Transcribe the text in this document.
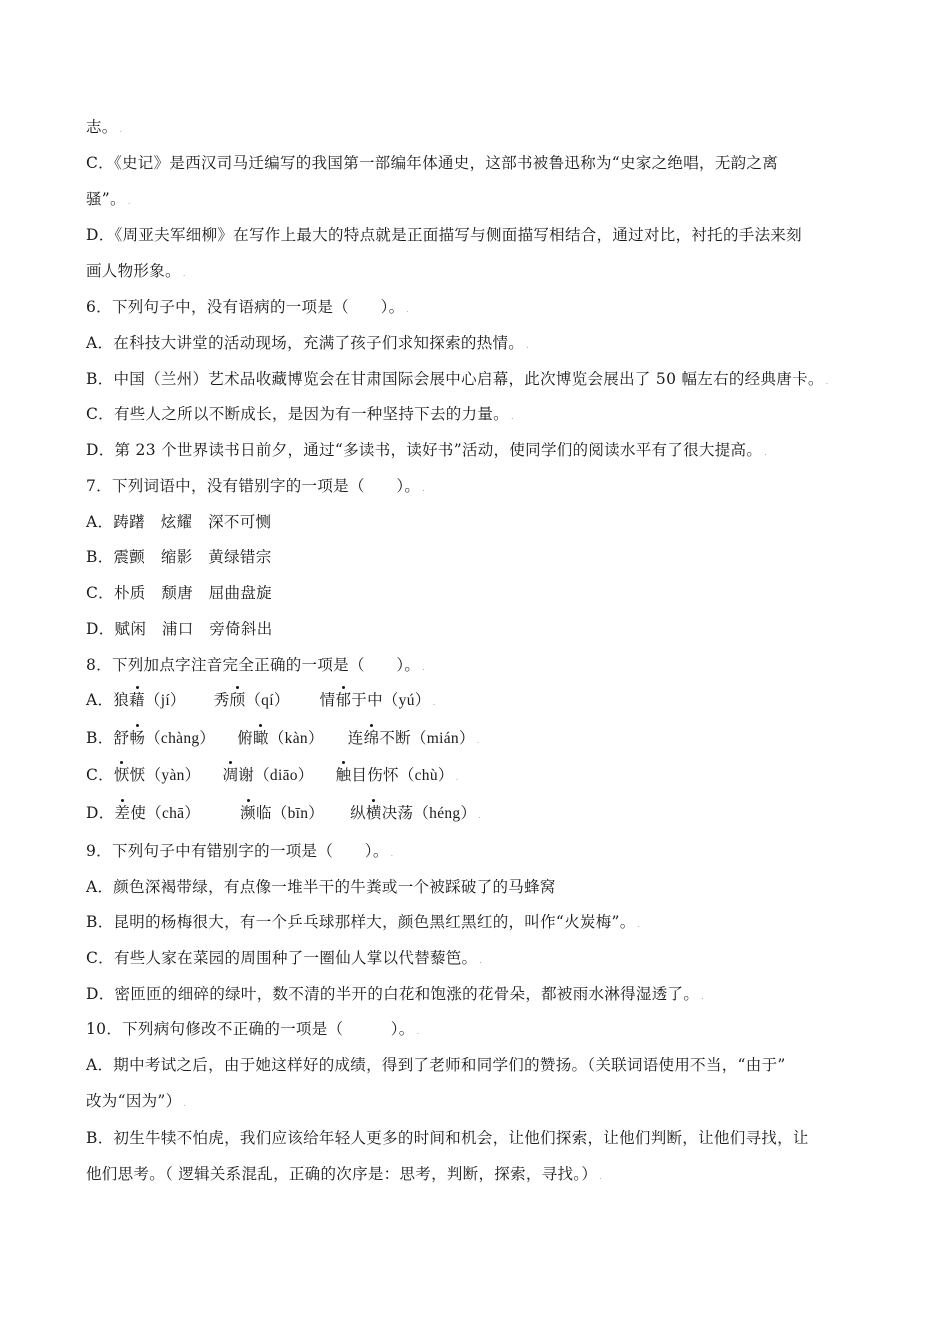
志。 .
C．《史记》是西汉司马迁编写的我国第一部编年体通史，这部书被鲁迅称为“史家之绝唱，无韵之离
骚”。 .
D．《周亚夫军细柳》在写作上最大的特点就是正面描写与侧面描写相结合，通过对比，衬托的手法来刻
画人物形象。 .
6．下列句子中，没有语病的一项是（　　）。 .
A．在科技大讲堂的活动现场，充满了孩子们求知探索的热情。 .
B．中国（兰州）艺术品收藏博览会在甘肃国际会展中心启幕，此次博览会展出了 50 幅左右的经典唐卡。 .
C．有些人之所以不断成长，是因为有一种坚持下去的力量。 .
D．第 23 个世界读书日前夕，通过“多读书，读好书”活动，使同学们的阅读水平有了很大提高。 .
7．下列词语中，没有错别字的一项是（　　）。 .
A．踌躇　炫耀　深不可恻
B．震颤　缩影　黄绿错宗
C．朴质　颓唐　屈曲盘旋
D．赋闲　浦口　旁倚斜出
8．下列加点字注音完全正确的一项是（　　）。 .
A．狼藉（jí） 秀颀（qí） 情郁于中（yú） .
B．舒畅（chàng） 俯瞰（kàn） 连绵不断（mián） .
C．恹恹（yàn） 凋谢（diāo） 触目伤怀（chù） .
D．差使（chā）	濒临（bīn） 纵横决荡（héng） .
9．下列句子中有错别字的一项是（　　）。 .
A．颜色深褐带绿，有点像一堆半干的牛粪或一个被踩破了的马蜂窝
B．昆明的杨梅很大，有一个乒乓球那样大，颜色黑红黑红的，叫作“火炭梅”。 .
C．有些人家在菜园的周围种了一圈仙人掌以代替藜笆。 .
D．密匝匝的细碎的绿叶，数不清的半开的白花和饱涨的花骨朵，都被雨水淋得湿透了。 .
10．下列病句修改不正确的一项是（　　　）。 .
A．期中考试之后，由于她这样好的成绩，得到了老师和同学们的赞扬。（关联词语使用不当，“由于”
改为“因为”） .
B．初生牛犊不怕虎，我们应该给年轻人更多的时间和机会，让他们探索，让他们判断，让他们寻找，让
他们思考。（ 逻辑关系混乱，正确的次序是：思考，判断，探索，寻找。） .
